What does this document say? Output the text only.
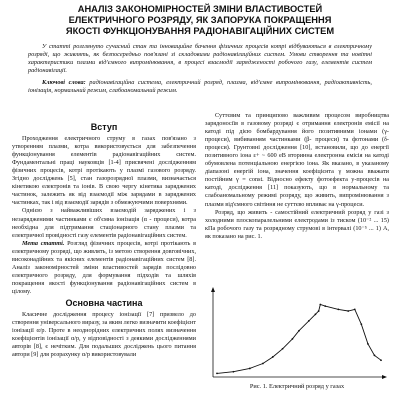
АНАЛІЗ ЗАКОНОМІРНОСТЕЙ ЗМІНИ ВЛАСТИВОСТЕЙ
ЕЛЕКТРИЧНОГО РОЗРЯДУ, ЯК ЗАПОРУКА ПОКРАЩЕННЯ
ЯКОСТІ ФУНКЦІОНУВАННЯ РАДІОНАВІГАЦІЙНИХ СИСТЕМ
У статті розглянуто сучасний стан та інновацийне бачення фізичних процесів котрі відбуваються в електричному розряді, що живлять, як безпосередньо пов'язані зі складовими радіонавігаційних систем. Умови створення та новітні характеристики плазми від'ємного випромінювання, в процесі взаємодії зарядженості робочого газу, елементів систем радіонавігації.
Ключові слова: радіонавігаційна система, електричний розряд, плазма, від'ємне випромінювання, радіоактивність, іонізація, нормальний режим, слабоаномальний режим.

Вступ

Проходження електричного струму в газах пов'язано з утворенням плазми, котра використовується для забезпечення функціонування елементів радіонавігаційних систем. Фундаментальні праці науковців [1-4] присвячені дослідженням фізичних процесів, котрі протікають у плазмі газового розряду. Згідно досліджень [5], стан газорозрядної плазми, визначається кінетикою електронів та іонів. В свою чергу кінетика заряджених частинок, залежить як від взаємодії між зарядами в заряджених частинках, так і від взаємодії зарядів з обмежуючими поверхнями.

Однією з найважливіших взаємодій заряджених і з незарядженими частинками є об'ємна іонізація (α - процеси), котра необхідна для підтримання стаціонарного стану плазми та електричної провідності газу елементів радіонавігаційних систем.

Мета статті. Розгляд фізичних процесів, котрі протікають в електричному розряді, що живлять, із метою створення довговічних, високонадійних та якісних елементів радіонавігаційних систем [8]. Аналіз закономірностей зміни властивостей зарядів послідовно електричного розряду, для формування підходів та шляхів покращення якості функціонування радіонавігаційних систем в цілому.

Основна частина

Класичне дослідження процесу іонізації [7] призвело до створення універсального виразу, за яким легко визначити коефіцієнт іонізації α/p. Проте в неоднорідних електричних полях визначення коефіцієнтів іонізації α/p, у відповідності з деякими дослідженнями авторів [8], є нечітким. Для подальших досліджень цього питання автори [9] для розрахунку α/p використовували

Суттєвим та принципово важливим процесом виробництва зарядоносіїв в газовому розряді є отримання електронів емісії на катоді під дією бомбардування його позитивними іонами (γ-процеси), вибиванням частинками (β- процеси) та фотонами (δ- процеси). Грунтовні дослідження [10], встановили, що до енергії позитивного іона ε+ ~ 600 еВ вторинна електронна емісія на катоді обумовлена потенціальною енергією іона. Як вказано, в указаному діапазоні енергій іона, значення коефіцієнта γ можна вважати постійним γ = const. Відносно ефекту фотоефекта у-процесів на катоді, дослідження [11] показують, що в нормальному та слабоаномальному режимі розряду, що живить, випромінювання з плазми від'ємного світіння не суттєво впливає на γ-процеси.

Розряд, що живить - самостійний електричний розряд у газі з холодними плоскопаралельними електродами із тиском (10⁻² ... 15) кПа робочого газу та розрядному струмові в інтервалі (10⁻⁵ ... 1) А, як показано на рис. 1.

Рис. 1. Електричний розряд у газах
